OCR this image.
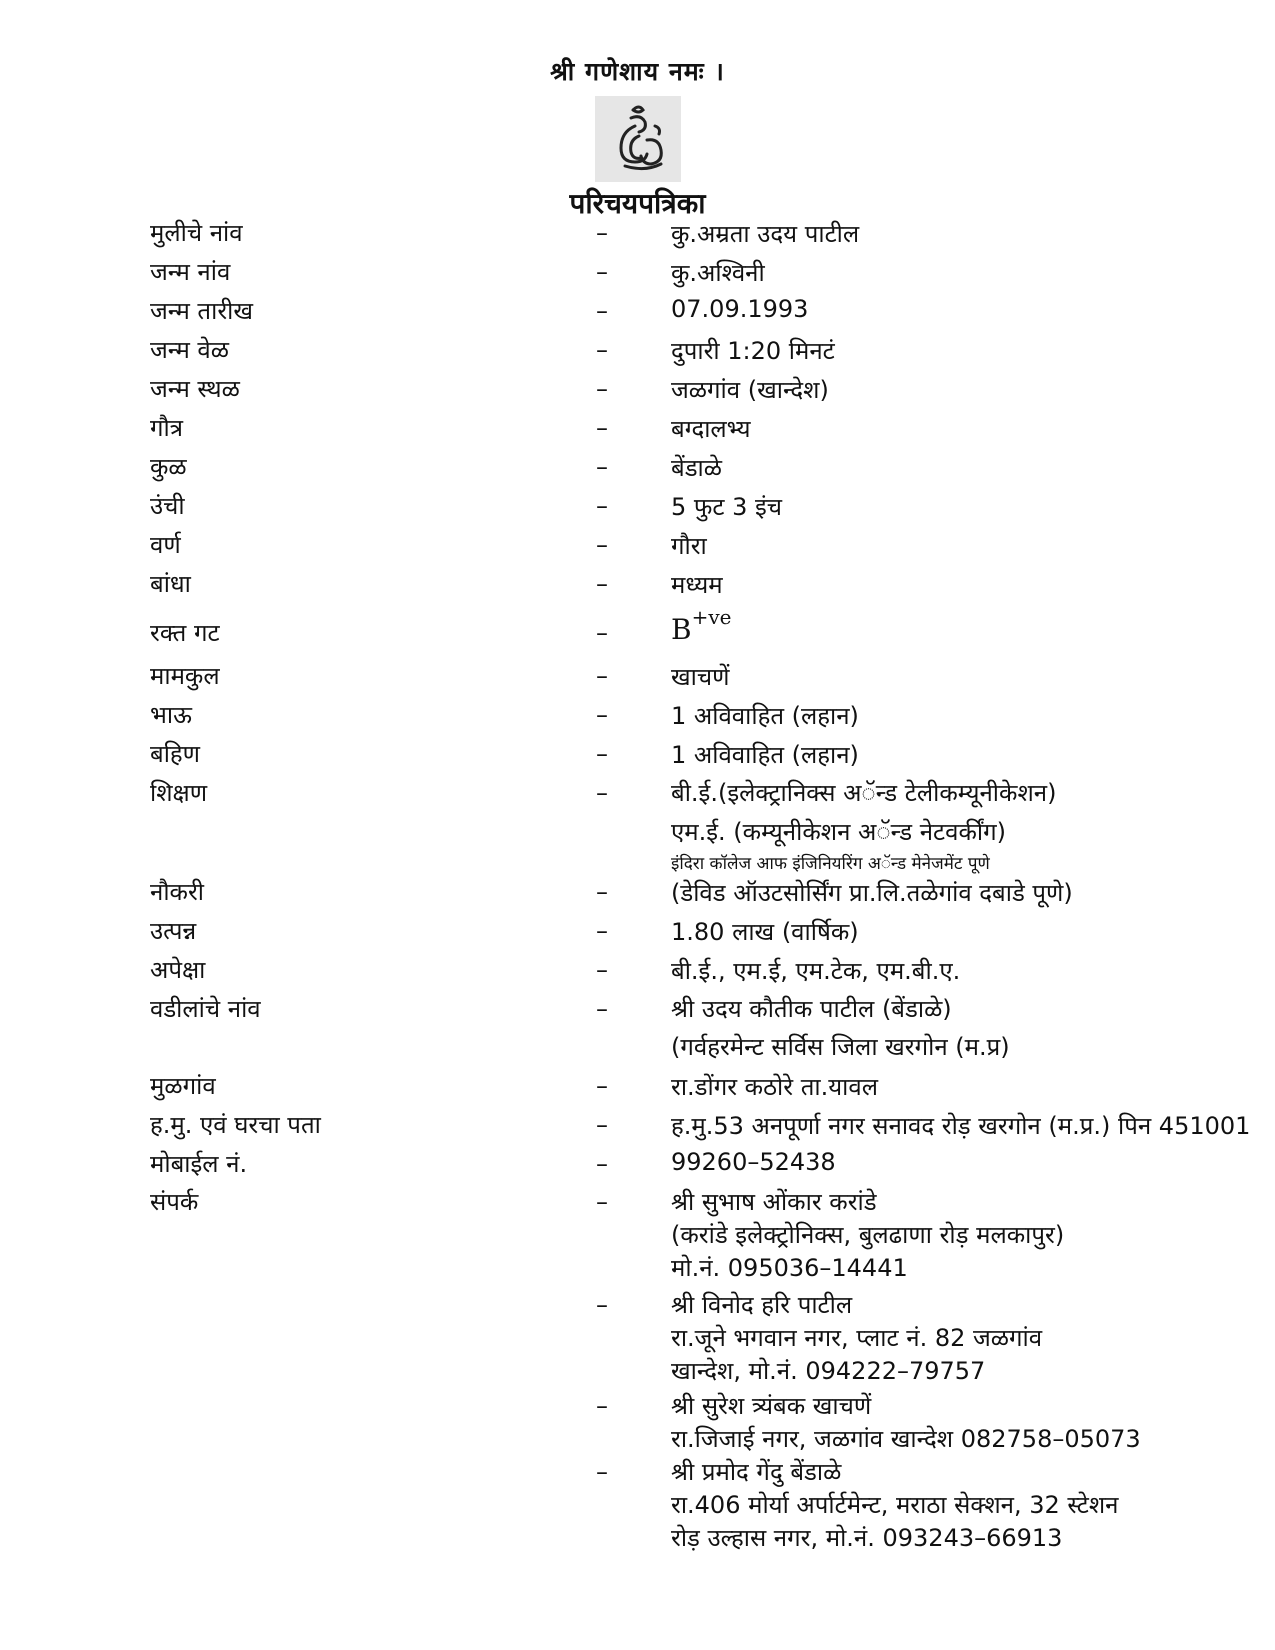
श्री गणेशाय नमः ।
परिचयपत्रिका
मुलीचे नांव	–	कु.अम्रता उदय पाटील
जन्म नांव	–	कु.अश्विनी
जन्म तारीख	–	07.09.1993
जन्म वेळ	–	दुपारी 1:20 मिनटं
जन्म स्थळ	–	जळगांव (खान्देश)
गौत्र	–	बग्दालभ्य
कुळ	–	बेंडाळे
उंची	–	5 फुट 3 इंच
वर्ण	–	गौरा
बांधा	–	मध्यम
रक्त गट	– $B^{+ve}$
मामकुल	–	खाचणें
भाऊ	–	1 अविवाहित (लहान)
बहिण	–	1 अविवाहित (लहान)
शिक्षण	–	बी.ई.(इलेक्ट्रानिक्स अॅन्ड टेलीकम्यूनीकेशन)
एम.ई. (कम्यूनीकेशन अॅन्ड नेटवर्कींग)
इंदिरा कॉलेज आफ इंजिनियरिंग अॅन्ड मेनेजमेंट पूणे
नौकरी	–	(डेविड ऑउटसोर्सिंग प्रा.लि.तळेगांव दबाडे पूणे)
उत्पन्न	–	1.80 लाख (वार्षिक)
अपेक्षा	–	बी.ई., एम.ई, एम.टेक, एम.बी.ए.
वडीलांचे नांव	–	श्री उदय कौतीक पाटील (बेंडाळे)
(गर्वहरमेन्ट सर्विस जिला खरगोन (म.प्र)
मुळगांव	–	रा.डोंगर कठोरे ता.यावल
ह.मु. एवं घरचा पता	–	ह.मु.53 अनपूर्णा नगर सनावद रोड़ खरगोन (म.प्र.) पिन 451001
मोबाईल नं.	–	99260–52438
संपर्क	–	श्री सुभाष ओंकार करांडे
(करांडे इलेक्ट्रोनिक्स, बुलढाणा रोड़ मलकापुर)
मो.नं. 095036–14441
–	श्री विनोद हरि पाटील
रा.जूने भगवान नगर, प्लाट नं. 82 जळगांव
खान्देश, मो.नं. 094222–79757
–	श्री सुरेश त्र्यंबक खाचणें
रा.जिजाई नगर, जळगांव खान्देश 082758–05073
–	श्री प्रमोद गेंदु बेंडाळे
रा.406 मोर्या अर्पार्टमेन्ट, मराठा सेक्शन, 32 स्टेशन
रोड़ उल्हास नगर, मो.नं. 093243–66913
